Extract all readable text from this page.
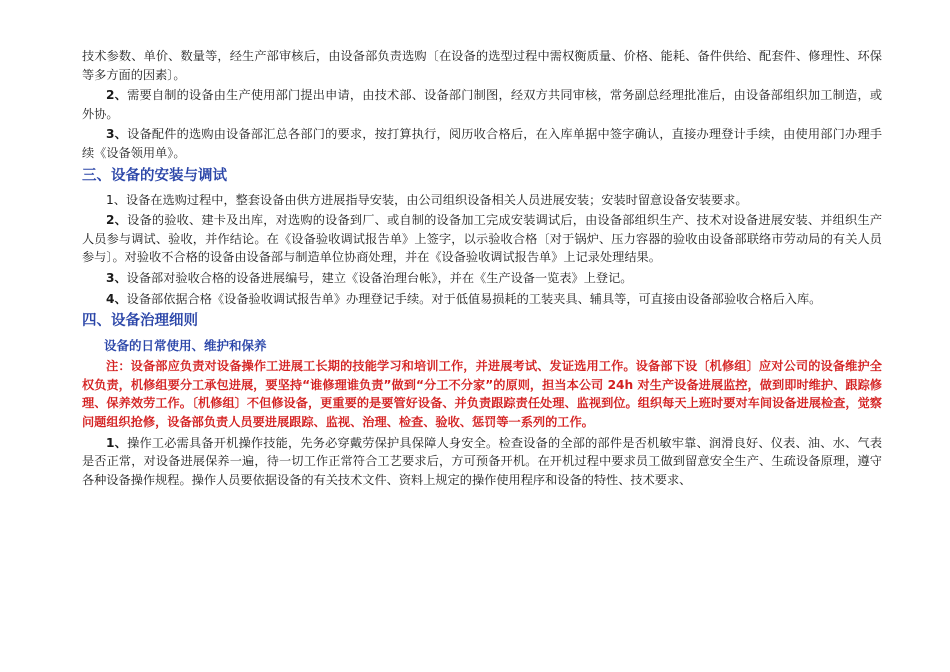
技术参数、单价、数量等，经生产部审核后，由设备部负责选购〔在设备的选型过程中需权衡质量、价格、能耗、备件供给、配套件、修理性、环保等多方面的因素〕。

2、需要自制的设备由生产使用部门提出申请，由技术部、设备部门制图，经双方共同审核，常务副总经理批准后，由设备部组织加工制造，或外协。

3、设备配件的选购由设备部汇总各部门的要求，按打算执行，阅历收合格后，在入库单据中签字确认，直接办理登计手续，由使用部门办理手续《设备领用单》。

三、设备的安装与调试

1、设备在选购过程中，整套设备由供方进展指导安装，由公司组织设备相关人员进展安装；安装时留意设备安装要求。

2、设备的验收、建卡及出库，对选购的设备到厂、或自制的设备加工完成安装调试后，由设备部组织生产、技术对设备进展安装、并组织生产人员参与调试、验收，并作结论。在《设备验收调试报告单》上签字，以示验收合格〔对于锅炉、压力容器的验收由设备部联络市劳动局的有关人员参与〕。对验收不合格的设备由设备部与制造单位协商处理，并在《设备验收调试报告单》上记录处理结果。

3、设备部对验收合格的设备进展编号，建立《设备治理台帐》，并在《生产设备一览表》上登记。

4、设备部依据合格《设备验收调试报告单》办理登记手续。对于低值易损耗的工装夹具、辅具等，可直接由设备部验收合格后入库。

四、设备治理细则
设备的日常使用、维护和保养

注：设备部应负责对设备操作工进展工长期的技能学习和培训工作，并进展考试、发证选用工作。设备部下设〔机修组〕应对公司的设备维护全权负责，机修组要分工承包进展，要坚持“谁修理谁负责”做到“分工不分家”的原则，担当本公司 24h 对生产设备进展监控，做到即时维护、跟踪修理、保养效劳工作。〔机修组〕不但修设备，更重要的是要管好设备、并负责跟踪责任处理、监视到位。组织每天上班时要对车间设备进展检查，觉察问题组织抢修，设备部负责人员要进展跟踪、监视、治理、检查、验收、惩罚等一系列的工作。

1、操作工必需具备开机操作技能，先务必穿戴劳保护具保障人身安全。检查设备的全部的部件是否机敏牢靠、润滑良好、仪表、油、水、气表是否正常，对设备进展保养一遍，待一切工作正常符合工艺要求后，方可预备开机。在开机过程中要求员工做到留意安全生产、生疏设备原理，遵守各种设备操作规程。操作人员要依据设备的有关技术文件、资料上规定的操作使用程序和设备的特性、技术要求、
